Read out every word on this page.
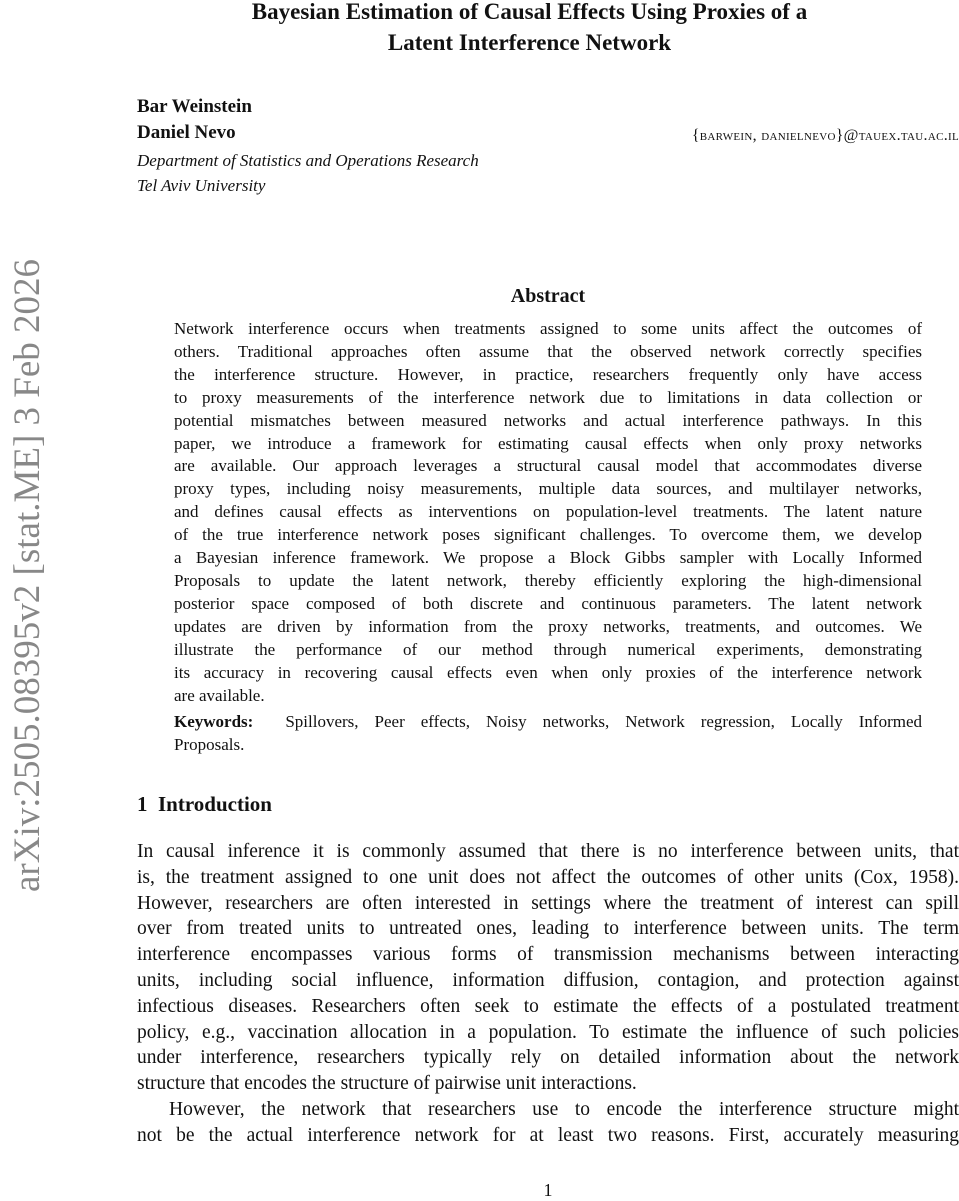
arXiv:2505.08395v2 [stat.ME] 3 Feb 2026
Bayesian Estimation of Causal Effects Using Proxies of a
Latent Interference Network
Bar Weinstein
Daniel Nevo	{barwein, danielnevo}@tauex.tau.ac.il
Department of Statistics and Operations Research
Tel Aviv University
Abstract
Network interference occurs when treatments assigned to some units affect the outcomes of
others. Traditional approaches often assume that the observed network correctly specifies
the interference structure. However, in practice, researchers frequently only have access
to proxy measurements of the interference network due to limitations in data collection or
potential mismatches between measured networks and actual interference pathways. In this
paper, we introduce a framework for estimating causal effects when only proxy networks
are available. Our approach leverages a structural causal model that accommodates diverse
proxy types, including noisy measurements, multiple data sources, and multilayer networks,
and defines causal effects as interventions on population-level treatments. The latent nature
of the true interference network poses significant challenges. To overcome them, we develop
a Bayesian inference framework. We propose a Block Gibbs sampler with Locally Informed
Proposals to update the latent network, thereby efficiently exploring the high-dimensional
posterior space composed of both discrete and continuous parameters. The latent network
updates are driven by information from the proxy networks, treatments, and outcomes. We
illustrate the performance of our method through numerical experiments, demonstrating
its accuracy in recovering causal effects even when only proxies of the interference network
are available.
Keywords: Spillovers, Peer effects, Noisy networks, Network regression, Locally Informed
Proposals.
1 Introduction
In causal inference it is commonly assumed that there is no interference between units, that
is, the treatment assigned to one unit does not affect the outcomes of other units (Cox, 1958).
However, researchers are often interested in settings where the treatment of interest can spill
over from treated units to untreated ones, leading to interference between units. The term
interference encompasses various forms of transmission mechanisms between interacting
units, including social influence, information diffusion, contagion, and protection against
infectious diseases. Researchers often seek to estimate the effects of a postulated treatment
policy, e.g., vaccination allocation in a population. To estimate the influence of such policies
under interference, researchers typically rely on detailed information about the network
structure that encodes the structure of pairwise unit interactions.
However, the network that researchers use to encode the interference structure might
not be the actual interference network for at least two reasons. First, accurately measuring
1
